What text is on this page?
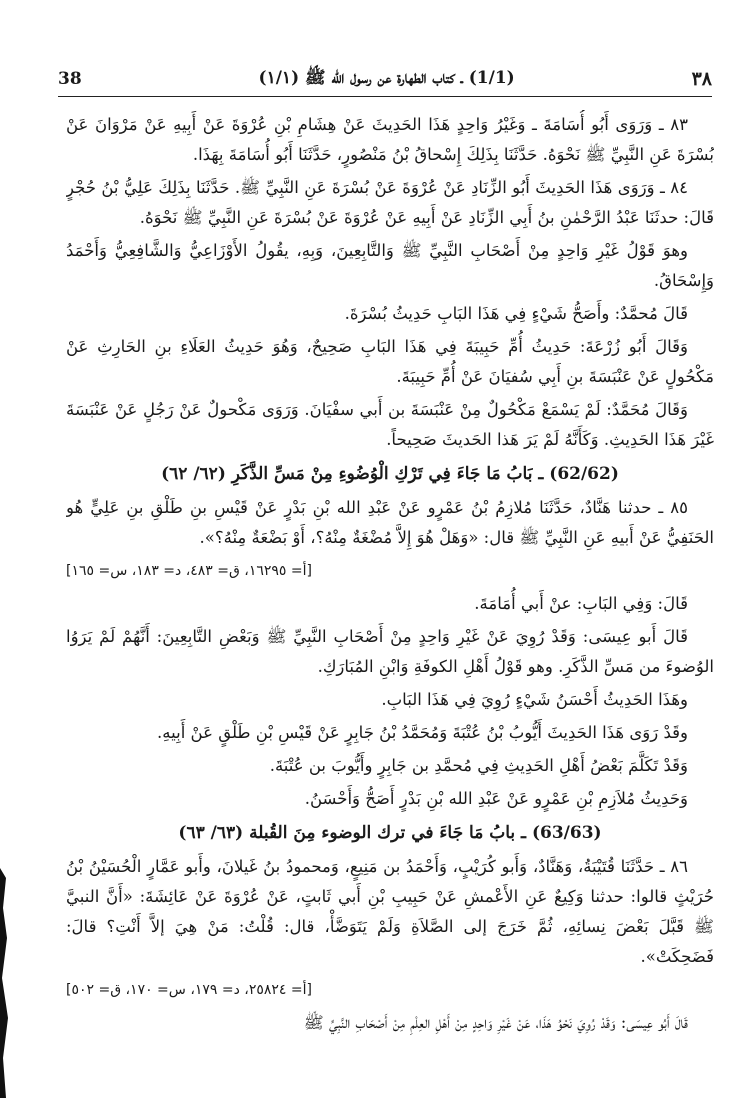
38	(1/1) ـ كتاب الطهارة عن رسول الله ﷺ (١/١)	٣٨

٨٣ ـ وَرَوَى أَبُو أُسَامَةَ ـ وَغَيْرُ وَاحِدٍ هَذَا الحَدِيثَ عَنْ هِشَامِ بْنِ عُرْوَةَ عَنْ أَبِيهِ عَنْ مَرْوَانَ عَنْ بُسْرَةَ عَنِ النَّبِيِّ ﷺ نَحْوَهُ. حَدَّثَنَا بِذَلِكَ إِسْحاقُ بْنُ مَنْصُورٍ، حَدَّثَنَا أَبُو أُسَامَةَ بِهَذَا.

٨٤ ـ وَرَوَى هَذَا الحَدِيثَ أَبُو الزِّنَادِ عَنْ عُرْوَةَ عَنْ بُسْرَةَ عَنِ النَّبِيِّ ﷺ. حَدَّثَنَا بِذَلِكَ عَلِيُّ بْنُ حُجْرٍ قَالَ: حدثَنَا عَبْدُ الرَّحْمٰنِ بنُ أَبِي الزِّنَادِ عَنْ أَبِيهِ عَنْ عُرْوَةَ عَنْ بُسْرَةَ عَنِ النَّبِيِّ ﷺ نَحْوَهُ.

وهوَ قَوْلُ غَيْرِ وَاحِدٍ مِنْ أَصْحَابِ النَّبِيِّ ﷺ وَالتَّابِعِينَ، وَبِهِ، يقُولُ الأَوْزَاعِيُّ وَالشَّافِعِيُّ وَأَحْمَدُ وَإِسْحَاقُ.

قَالَ مُحمَّدٌ: وأَصَحُّ شَيْءٍ فِي هَذَا البَابِ حَدِيثُ بُسْرَةَ.

وَقَالَ أَبُو زُرْعَةَ: حَدِيثُ أُمِّ حَبِيبَةَ فِي هَذَا البَابِ صَحِيحٌ، وَهُوَ حَدِيثُ العَلَاءِ بنِ الحَارِثِ عَنْ مَكْحُولٍ عَنْ عَنْبَسَةَ بنِ أَبِي سُفيَانَ عَنْ أُمِّ حَبِيبَةَ.

وَقَالَ مُحَمَّدٌ: لَمْ يَسْمَعْ مَكْحُولٌ مِنْ عَنْبَسَةَ بن أَبي سفْيَانَ. وَرَوَى مَكْحولٌ عَنْ رَجُلٍ عَنْ عَنْبَسَةَ غَيْرَ هَذَا الحَدِيثِ. وَكَأَنَّهُ لَمْ يَرَ هَذا الحَديثَ صَحِيحاً.

(62/62) ـ بَابُ مَا جَاءَ فِي تَرْكِ الْوُضُوءِ مِنْ مَسِّ الذَّكَرِ (٦٢/ ٦٢)

٨٥ ـ حدثنا هَنَّادٌ، حَدَّثَنَا مُلازِمُ بْنُ عَمْرٍو عَنْ عَبْدِ الله بْنِ بَدْرٍ عَنْ قَيْسِ بنِ طَلْقِ بنِ عَلِيٍّ هُو الحَنَفِيُّ عَنْ أَبيهِ عَنِ النَّبِيِّ ﷺ قال: «وَهَلْ هُوَ إِلاَّ مُضْغَةٌ مِنْهُ؟، أَوْ بَضْعَةٌ مِنْهُ؟».

[أ= ١٦٢٩٥، ق= ٤٨٣، د= ١٨٣، س= ١٦٥]

قَالَ: وَفِي البَابِ: عنْ أَبي أُمَامَةَ.

قَالَ أَبو عِيسَى: وَقَدْ رُوِيَ عَنْ غَيْرِ وَاحِدٍ مِنْ أَصْحَابِ النَّبِيِّ ﷺ وَبَعْضِ التَّابِعِينَ: أَنَّهُمْ لَمْ يَرَوُا الوُضوءَ من مَسِّ الذَّكَرِ. وهو قَوْلُ أَهْلِ الكوفَةِ وَابْنِ المُبَارَكِ.

وهَذَا الحَدِيثُ أَحْسَنُ شَيْءٍ رُوِيَ فِي هَذَا البَابِ.

وقَدْ رَوَى هَذَا الحَدِيثَ أَيُّوبُ بْنُ عُتْبَةَ وَمُحَمَّدُ بْنُ جَابِرٍ عَنْ قَيْسِ بْنِ طَلْقٍ عَنْ أَبِيهِ.

وَقَدْ تَكَلَّمَ بَعْضُ أَهْلِ الحَدِيثِ فِي مُحمَّدِ بن جَابِرٍ وأَيُّوبَ بن عُتْبَةَ.

وَحَدِيثُ مُلاَزِمِ بْنِ عَمْرٍو عَنْ عَبْدِ الله بْنِ بَدْرٍ أَصَحُّ وَأَحْسَنُ.

(63/63) ـ بابُ مَا جَاءَ في ترك الوضوء مِنَ القُبلة (٦٣/ ٦٣)

٨٦ ـ حَدَّثَنَا قُتَيْبَةُ، وَهَنَّادٌ، وَأَبو كُرَيْبٍ، وَأَحْمَدُ بن مَنِيعٍ، وَمحمودُ بنُ غَيلانَ، وأَبو عَمَّارٍ الْحُسَيْنُ بْنُ حُرَيْثٍ قالوا: حدثنا وَكِيعٌ عَنِ الأَعْمشِ عَنْ حَبِيبِ بْنِ أَبي ثَابتٍ، عَنْ عُرْوَةَ عَنْ عَائِشَةَ: «أَنَّ النبيَّ ﷺ قَبَّلَ بَعْضَ نِسائِهِ، ثُمَّ خَرَجَ إلى الصَّلاَةِ وَلَمْ يَتَوَضَّأْ، قال: قُلْتُ: مَنْ هِيَ إلاَّ أَنْتِ؟ قالَ: فَضَحِكَتْ».

[أ= ٢٥٨٢٤، د= ١٧٩، س= ١٧٠، ق= ٥٠٢]

قَالَ أَبُو عِيسَى: وَقَدْ رُوِيَ نَحْوُ هَذَا، عَنْ غَيْرِ وَاحِدٍ مِنْ أَهْلِ العِلْمِ مِنْ أَصْحَابِ النَّبِيِّ ﷺ
